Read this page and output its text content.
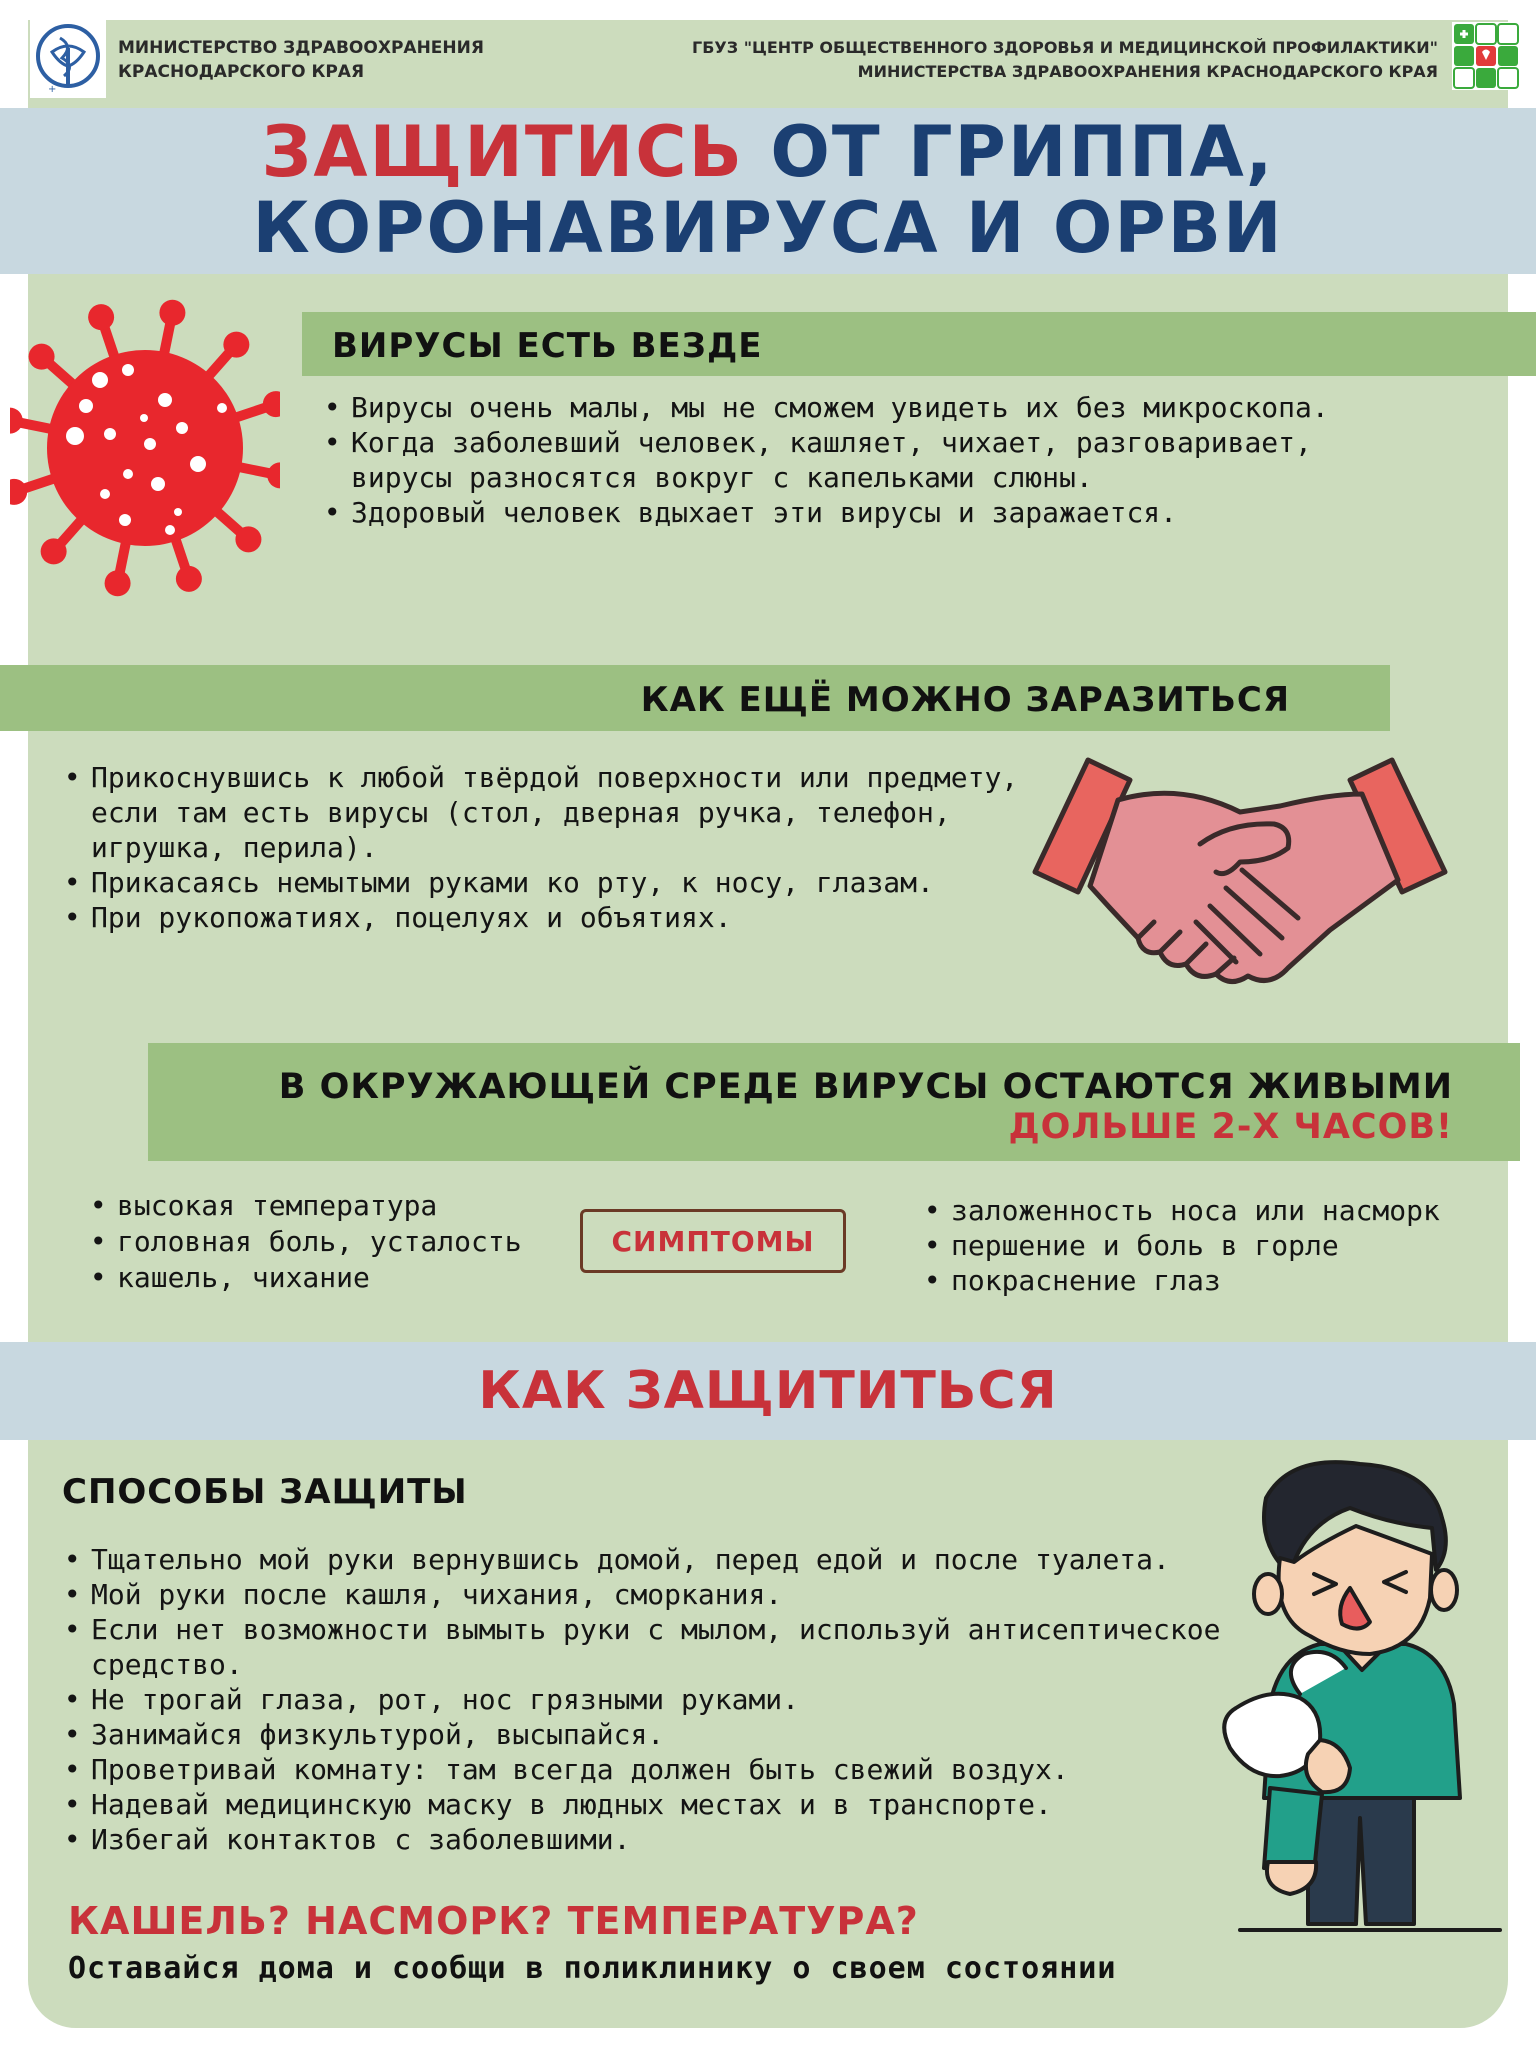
+
МИНИСТЕРСТВО ЗДРАВООХРАНЕНИЯ
КРАСНОДАРСКОГО КРАЯ
ГБУЗ "ЦЕНТР ОБЩЕСТВЕННОГО ЗДОРОВЬЯ И МЕДИЦИНСКОЙ ПРОФИЛАКТИКИ"
МИНИСТЕРСТВА ЗДРАВООХРАНЕНИЯ КРАСНОДАРСКОГО КРАЯ
ЗАЩИТИСЬ ОТ ГРИППА,
КОРОНАВИРУСА И ОРВИ
ВИРУСЫ ЕСТЬ ВЕЗДЕ
• Вирусы очень малы, мы не сможем увидеть их без микроскопа.
• Когда заболевший человек, кашляет, чихает, разговаривает, вирусы разносятся вокруг с капельками слюны.
• Здоровый человек вдыхает эти вирусы и заражается.
КАК ЕЩЁ МОЖНО ЗАРАЗИТЬСЯ
• Прикоснувшись к любой твёрдой поверхности или предмету, если там есть вирусы (стол, дверная ручка, телефон, игрушка, перила).
• Прикасаясь немытыми руками ко рту, к носу, глазам.
• При рукопожатиях, поцелуях и объятиях.
В ОКРУЖАЮЩЕЙ СРЕДЕ ВИРУСЫ ОСТАЮТСЯ ЖИВЫМИ
ДОЛЬШЕ 2-Х ЧАСОВ!
• высокая температура
• головная боль, усталость
• кашель, чихание
СИМПТОМЫ
• заложенность носа или насморк
• першение и боль в горле
• покраснение глаз
КАК ЗАЩИТИТЬСЯ
СПОСОБЫ ЗАЩИТЫ
• Тщательно мой руки вернувшись домой, перед едой и после туалета.
• Мой руки после кашля, чихания, сморкания.
• Если нет возможности вымыть руки с мылом, используй антисептическое средство.
• Не трогай глаза, рот, нос грязными руками.
• Занимайся физкультурой, высыпайся.
• Проветривай комнату: там всегда должен быть свежий воздух.
• Надевай медицинскую маску в людных местах и в транспорте.
• Избегай контактов с заболевшими.
КАШЕЛЬ? НАСМОРК? ТЕМПЕРАТУРА?
Оставайся дома и сообщи в поликлинику о своем состоянии
